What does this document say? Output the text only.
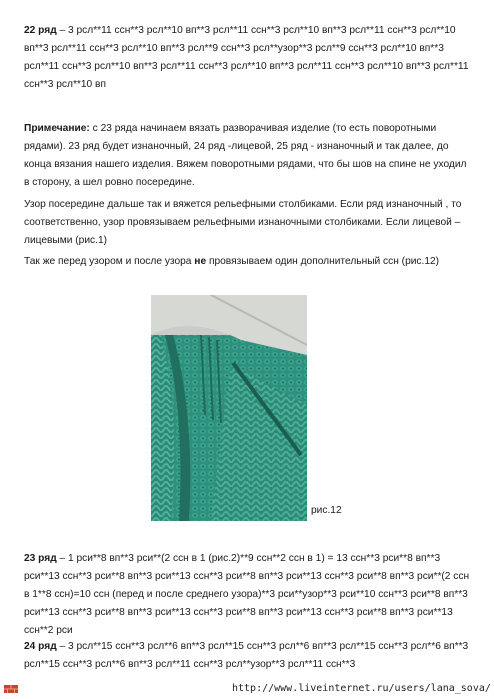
22 ряд – 3 рсл**11 ссн**3 рсл**10 вп**3 рсл**11 ссн**3 рсл**10 вп**3 рсл**11 ссн**3 рсл**10 вп**3 рсл**11 ссн**3 рсл**10 вп**3 рсл**9 ссн**3 рсл**узор**3 рсл**9 ссн**3 рсл**10 вп**3 рсл**11 ссн**3 рсл**10 вп**3 рсл**11 ссн**3 рсл**10 вп**3 рсл**11 ссн**3 рсл**10 вп**3 рсл**11 ссн**3 рсл**10 вп

Примечание: с 23 ряда начинаем вязать разворачивая изделие (то есть поворотными рядами). 23 ряд будет изнаночный, 24 ряд -лицевой, 25 ряд - изнаночный и так далее, до конца вязания нашего изделия. Вяжем поворотными рядами, что бы шов на спине не уходил в сторону, а шел ровно посередине.

Узор посередине дальше так и вяжется рельефными столбиками. Если ряд изнаночный , то соответственно, узор провязываем рельефными изнаночными столбиками. Если лицевой – лицевыми (рис.1)

Так же перед узором и после узора не провязываем один дополнительный ссн (рис.12)

рис.12

23 ряд – 1 рси**8 вп**3 рси**(2 ссн в 1 (рис.2)**9 ссн**2 ссн в 1) = 13 ссн**3 рси**8 вп**3 рси**13 ссн**3 рси**8 вп**3 рси**13 ссн**3 рси**8 вп**3 рси**13 ссн**3 рси**8 вп**3 рси**(2 ссн в 1**8 ссн)=10 ссн (перед и после среднего узора)**3 рси**узор**3 рси**10 ссн**3 рси**8 вп**3 рси**13 ссн**3 рси**8 вп**3 рси**13 ссн**3 рси**8 вп**3 рси**13 ссн**3 рси**8 вп**3 рси**13 ссн**2 рси

24 ряд – 3 рсл**15 ссн**3 рсл**6 вп**3 рсл**15 ссн**3 рсл**6 вп**3 рсл**15 ссн**3 рсл**6 вп**3 рсл**15 ссн**3 рсл**6 вп**3 рсл**11 ссн**3 рсл**узор**3 рсл**11 ссн**3

http://www.liveinternet.ru/users/lana_sova/
